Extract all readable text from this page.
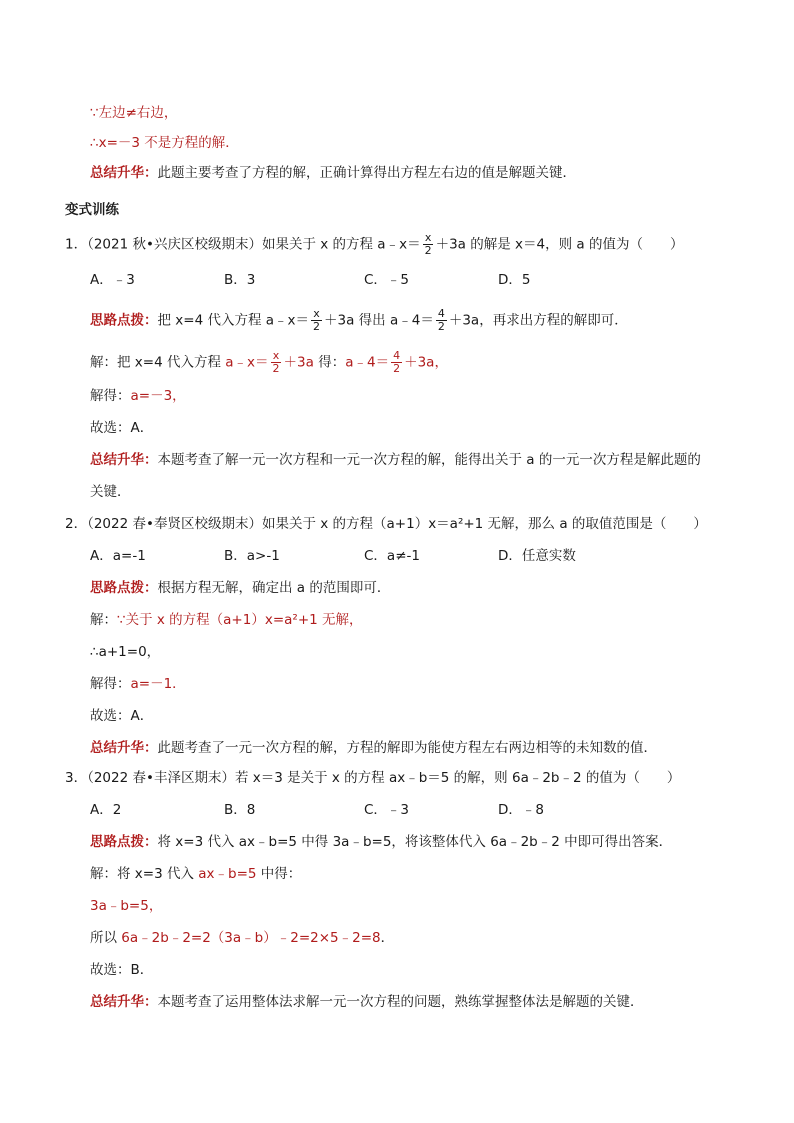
∵左边≠右边，
∴x=－3 不是方程的解．
总结升华：此题主要考查了方程的解，正确计算得出方程左右边的值是解题关键．
变式训练
1．（2021 秋•兴庆区校级期末）如果关于 x 的方程 a﹣x＝ $\frac{x}{2} +3a$ 的解是 x＝4，则 a 的值为（　　）
A．﹣3	B．3	C．﹣5	D．5
思路点拨：把 x=4 代入方程 a﹣x＝ $\frac{x}{2} +3a$ 得出 a﹣4＝ $\frac{4}{2} +3a$，再求出方程的解即可．
解：把 x=4 代入方程 a﹣x＝ $\frac{x}{2} +3a$ 得：a﹣4＝ $\frac{4}{2} +3a$，
解得：a=－3，
故选：A．
总结升华：本题考查了解一元一次方程和一元一次方程的解，能得出关于 a 的一元一次方程是解此题的
关键．
2．（2022 春•奉贤区校级期末）如果关于 x 的方程（a+1）x＝a²+1 无解，那么 a 的取值范围是（　　）
A．a=-1	B．a>-1	C．a≠-1	D．任意实数
思路点拨：根据方程无解，确定出 a 的范围即可．
解：∵关于 x 的方程（a+1）x=a²+1 无解，
∴a+1=0，
解得：a=－1．
故选：A．
总结升华：此题考查了一元一次方程的解，方程的解即为能使方程左右两边相等的未知数的值．
3．（2022 春•丰泽区期末）若 x＝3 是关于 x 的方程 ax﹣b＝5 的解，则 6a﹣2b﹣2 的值为（　　）
A．2	B．8	C．﹣3	D．﹣8
思路点拨：将 x=3 代入 ax﹣b=5 中得 3a﹣b=5，将该整体代入 6a﹣2b﹣2 中即可得出答案．
解：将 x=3 代入 ax﹣b=5 中得：
3a﹣b=5，
所以 6a﹣2b﹣2=2（3a﹣b）﹣2=2×5﹣2=8．
故选：B．
总结升华：本题考查了运用整体法求解一元一次方程的问题，熟练掌握整体法是解题的关键．
